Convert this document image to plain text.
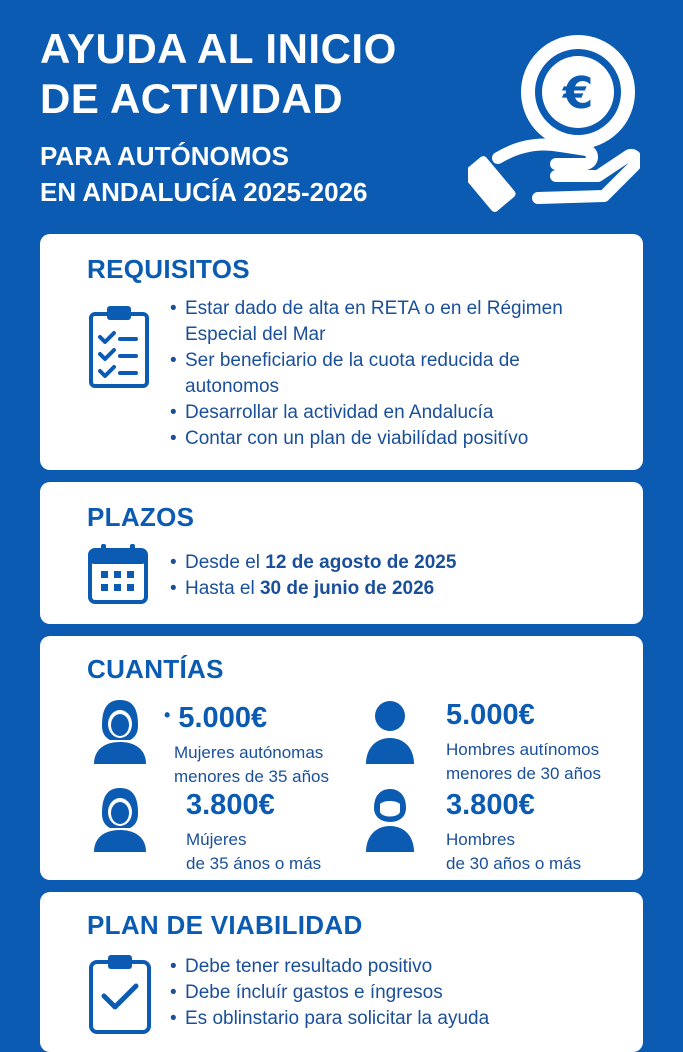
AYUDA AL INICIO

DE ACTIVIDAD

PARA AUTÓNOMOS

EN ANDALUCÍA 2025-2026

€
REQUISITOS
• Estar dado de alta en RETA o en el Régimen Especial del Mar
• Ser beneficiario de la cuota reducida de autonomos
• Desarrollar la actividad en Andalucía
• Contar con un plan de viabilídad positívo
PLAZOS
• Desde el 12 de agosto de 2025
• Hasta el 30 de junio de 2026
CUANTÍAS
• 5.000€
Mujeres autónomas
menores de 35 años
5.000€
Hombres autínomos
menores de 30 años
3.800€
Mújeres
de 35 ános o más
3.800€
Hombres
de 30 años o más
PLAN DE VIABILIDAD
• Debe tener resultado positivo
• Debe íncluír gastos e íngresos
• Es oblinstario para solicitar la ayuda
